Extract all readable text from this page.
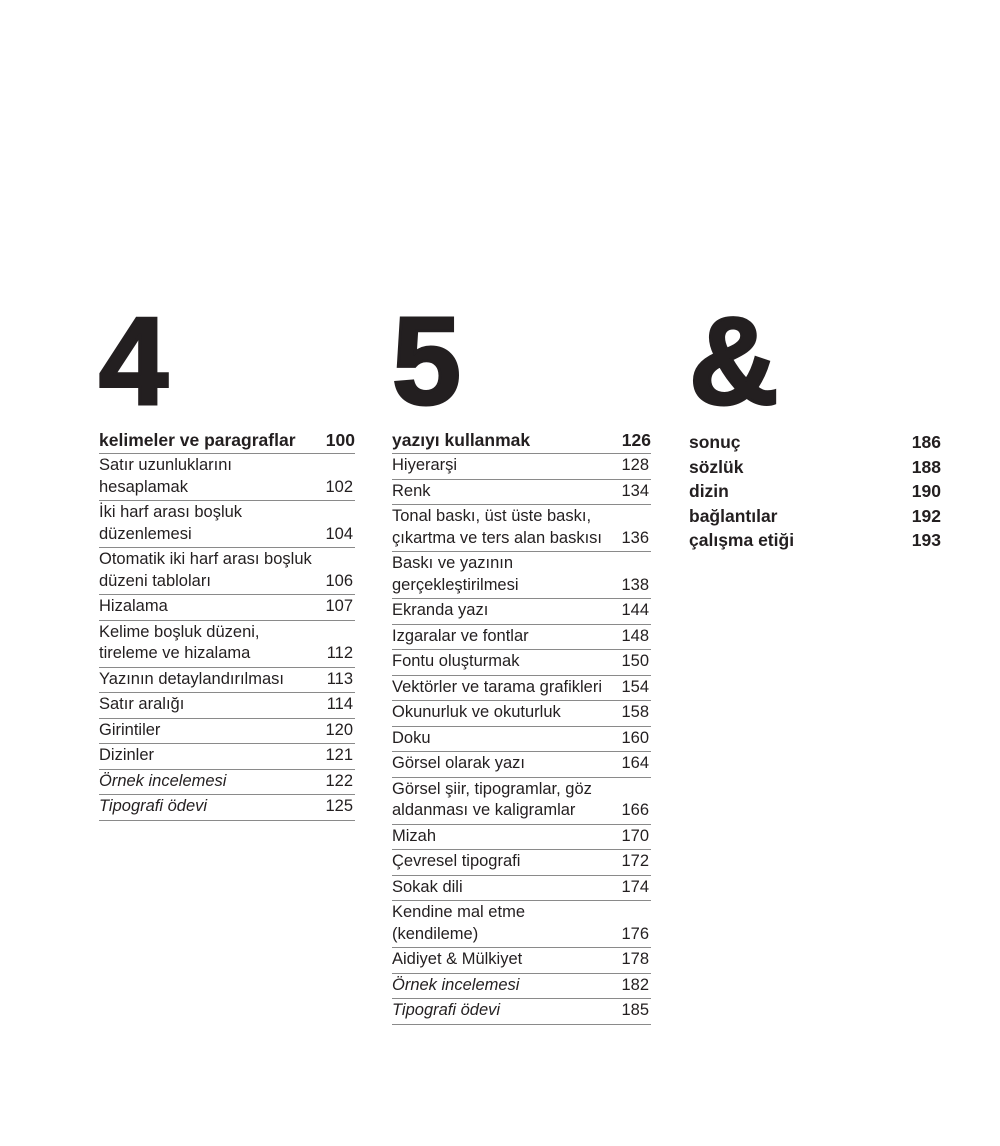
4
kelimeler ve paragraflar 100
Satır uzunluklarını hesaplamak	102
İki harf arası boşluk düzenlemesi	104
Otomatik iki harf arası boşluk düzeni tabloları	106
Hizalama	107
Kelime boşluk düzeni, tireleme ve hizalama	112
Yazının detaylandırılması	113
Satır aralığı	114
Girintiler	120
Dizinler	121
Örnek incelemesi	122
Tipografi ödevi	125
5
yazıyı kullanmak	126
Hiyerarşi	128
Renk	134
Tonal baskı, üst üste baskı, çıkartma ve ters alan baskısı	136
Baskı ve yazının gerçekleştirilmesi	138
Ekranda yazı	144
Izgaralar ve fontlar	148
Fontu oluşturmak	150
Vektörler ve tarama grafikleri 154
Okunurluk ve okuturluk	158
Doku	160
Görsel olarak yazı	164
Görsel şiir, tipogramlar, göz aldanması ve kaligramlar	166
Mizah	170
Çevresel tipografi	172
Sokak dili	174
Kendine mal etme (kendileme)	176
Aidiyet & Mülkiyet	178
Örnek incelemesi	182
Tipografi ödevi	185
&
sonuç	186
sözlük	188
dizin	190
bağlantılar	192
çalışma etiği	193
